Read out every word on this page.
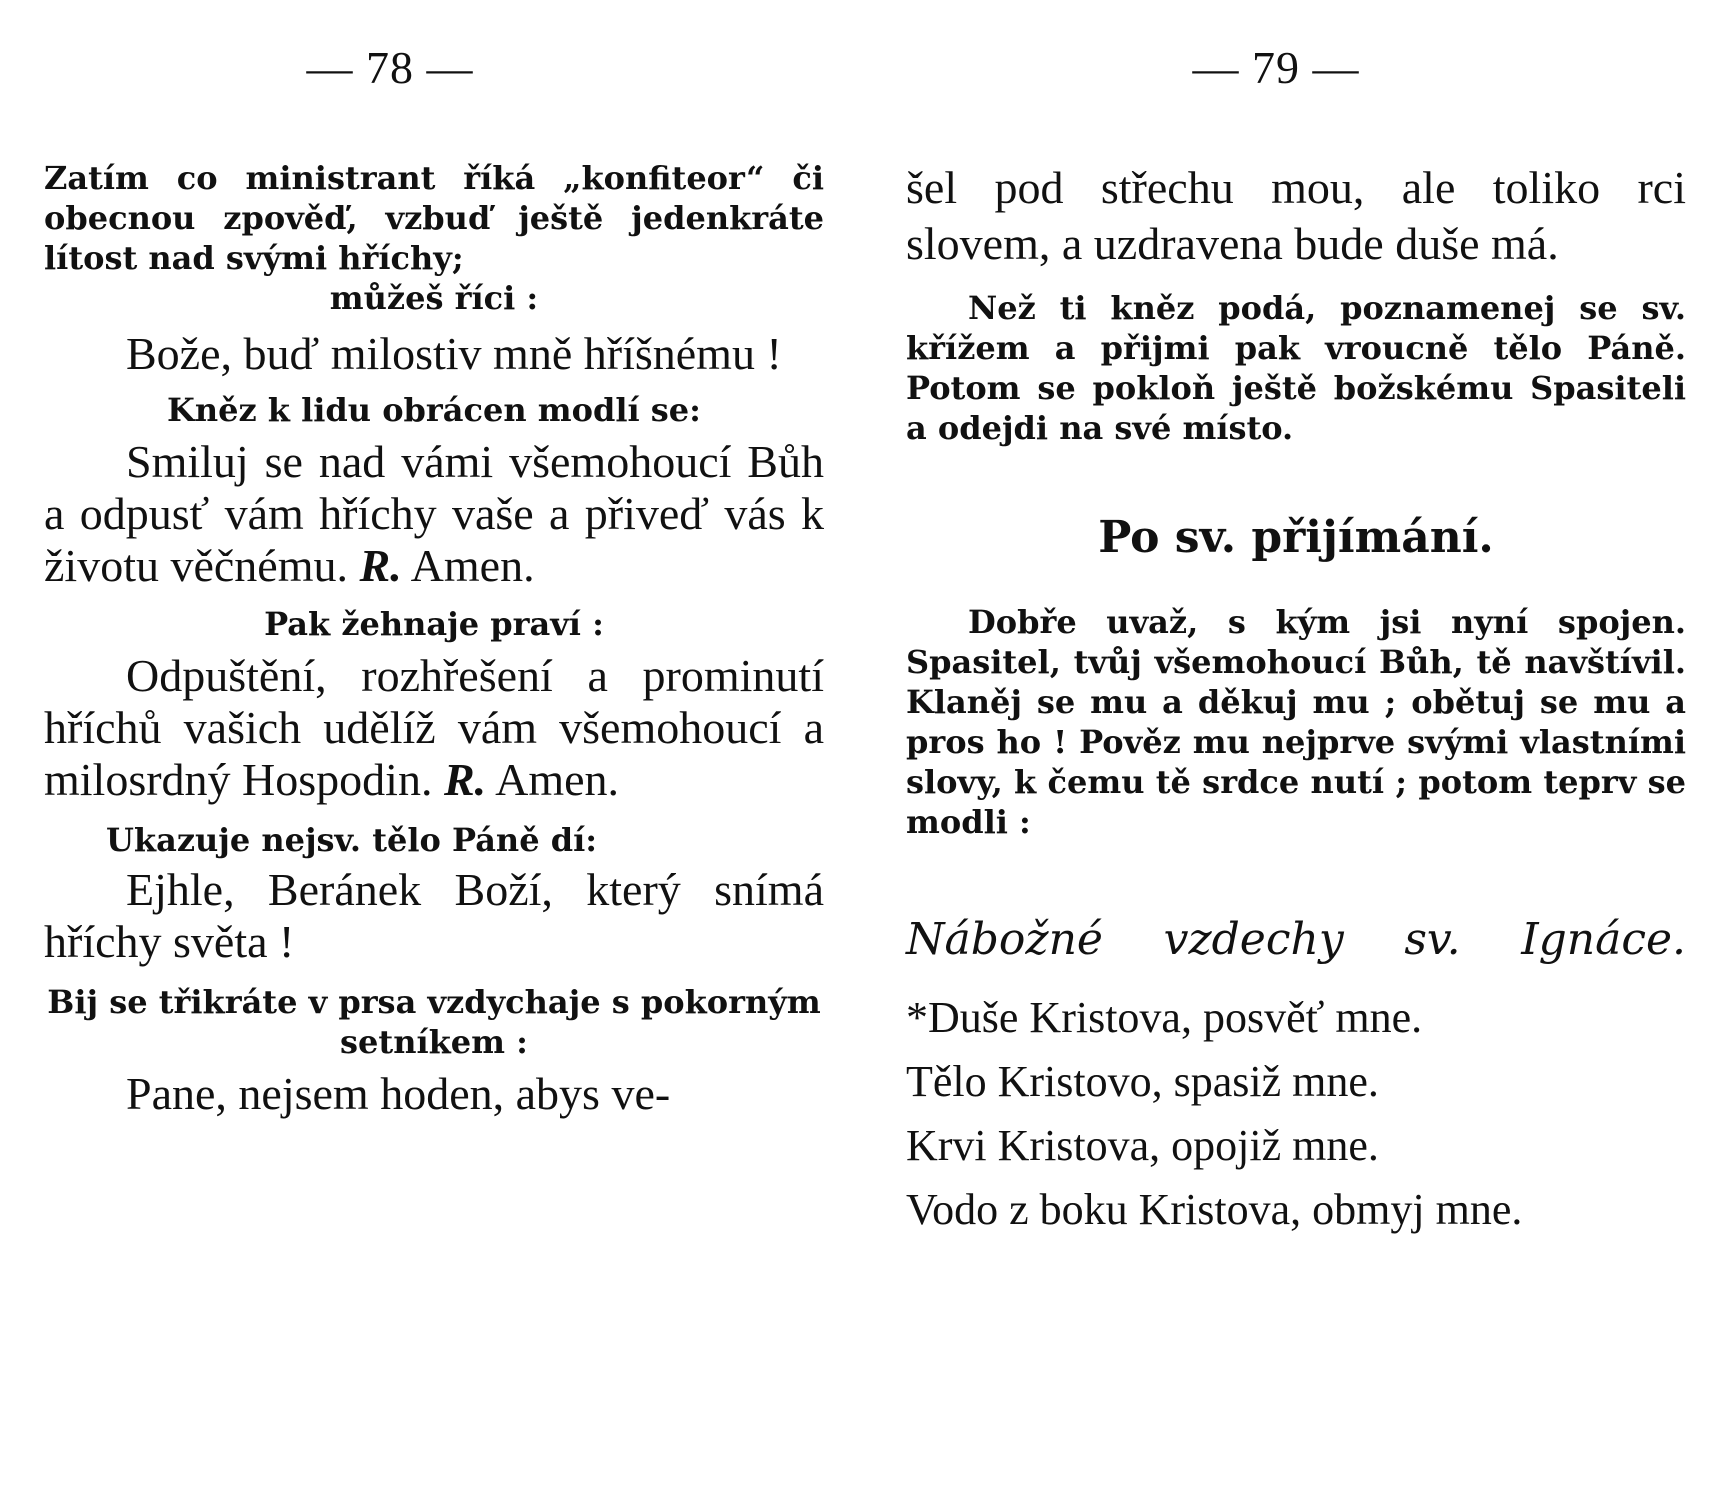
— 78 —

Zatím co ministrant říká „konfiteor“ či obecnou zpověď, vzbuď ještě jedenkráte lítost nad svými hříchy;

můžeš říci :

Bože, buď milostiv mně hříšnému !

Kněz k lidu obrácen modlí se:

Smiluj se nad vámi všemohoucí Bůh a odpusť vám hříchy vaše a přiveď vás k životu věčnému. R. Amen.

Pak žehnaje praví :

Odpuštění, rozhřešení a prominutí hříchů vašich udělíž vám všemohoucí a milosrdný Hospodin. R. Amen.

Ukazuje nejsv. tělo Páně dí:

Ejhle, Beránek Boží, který snímá hříchy světa !

Bij se třikráte v prsa vzdychaje s pokorným setníkem :

Pane, nejsem hoden, abys ve-

— 79 —

šel pod střechu mou, ale toliko rci slovem, a uzdravena bude duše má.

Než ti kněz podá, poznamenej se sv. křížem a přijmi pak vroucně tělo Páně. Potom se pokloň ještě božskému Spasiteli a odejdi na své místo.

Po sv. přijímání.

Dobře uvaž, s kým jsi nyní spojen. Spasitel, tvůj všemohoucí Bůh, tě navštívil. Klaněj se mu a děkuj mu ; obětuj se mu a pros ho ! Pověz mu nejprve svými vlastními slovy, k čemu tě srdce nutí ; potom teprv se modli :

Nábožné vzdechy sv. Ignáce.

*Duše Kristova, posvěť mne.

Tělo Kristovo, spasiž mne.

Krvi Kristova, opojiž mne.

Vodo z boku Kristova, obmyj mne.
